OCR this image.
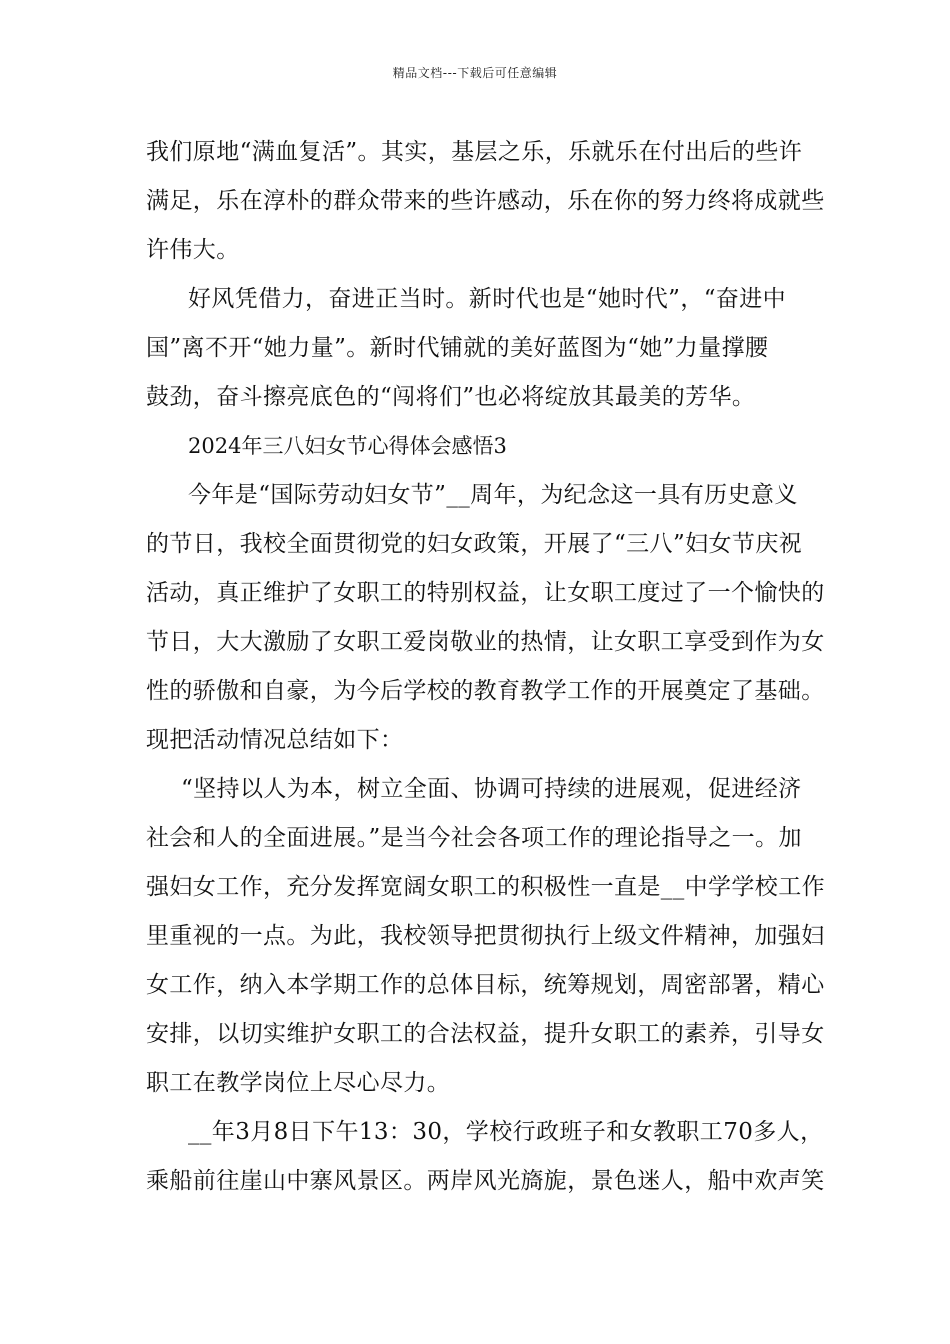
精品文档---下载后可任意编辑
我们原地“满血复活”。其实，基层之乐，乐就乐在付出后的些许
满足，乐在淳朴的群众带来的些许感动，乐在你的努力终将成就些
许伟大。
好风凭借力，奋进正当时。新时代也是“她时代”，“奋进中
国”离不开“她力量”。新时代铺就的美好蓝图为“她”力量撑腰
鼓劲，奋斗擦亮底色的“闯将们”也必将绽放其最美的芳华。
2024年三八妇女节心得体会感悟3
今年是“国际劳动妇女节”__周年，为纪念这一具有历史意义
的节日，我校全面贯彻党的妇女政策，开展了“三八”妇女节庆祝
活动，真正维护了女职工的特别权益，让女职工度过了一个愉快的
节日，大大激励了女职工爱岗敬业的热情，让女职工享受到作为女
性的骄傲和自豪，为今后学校的教育教学工作的开展奠定了基础。
现把活动情况总结如下：
“坚持以人为本，树立全面、协调可持续的进展观，促进经济
社会和人的全面进展。”是当今社会各项工作的理论指导之一。加
强妇女工作，充分发挥宽阔女职工的积极性一直是__中学学校工作
里重视的一点。为此，我校领导把贯彻执行上级文件精神，加强妇
女工作，纳入本学期工作的总体目标，统筹规划，周密部署，精心
安排，以切实维护女职工的合法权益，提升女职工的素养，引导女
职工在教学岗位上尽心尽力。
__年3月8日下午13：30，学校行政班子和女教职工70多人，
乘船前往崖山中寨风景区。两岸风光旖旎，景色迷人，船中欢声笑
